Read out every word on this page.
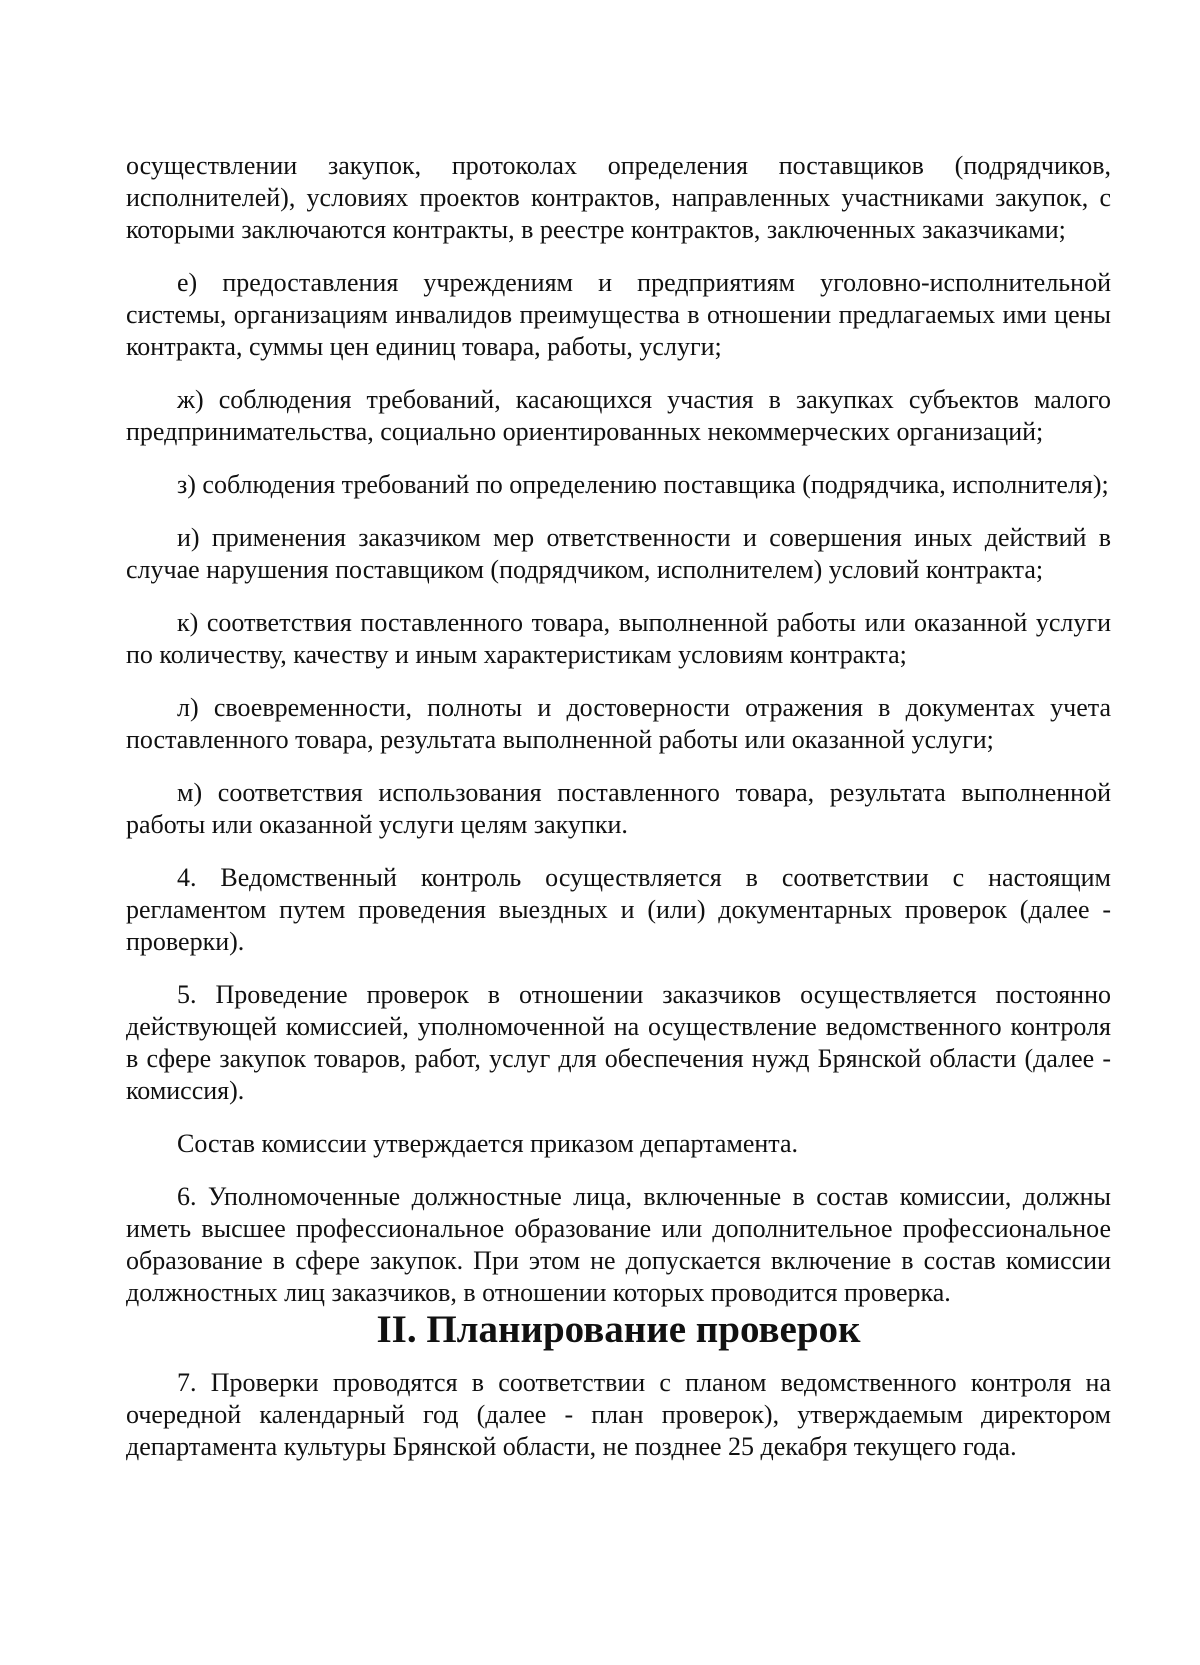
осуществлении закупок, протоколах определения поставщиков (подрядчиков, исполнителей), условиях проектов контрактов, направленных участниками закупок, с которыми заключаются контракты, в реестре контрактов, заключенных заказчиками;

е) предоставления учреждениям и предприятиям уголовно-исполнительной системы, организациям инвалидов преимущества в отношении предлагаемых ими цены контракта, суммы цен единиц товара, работы, услуги;

ж) соблюдения требований, касающихся участия в закупках субъектов малого предпринимательства, социально ориентированных некоммерческих организаций;

з) соблюдения требований по определению поставщика (подрядчика, исполнителя);

и) применения заказчиком мер ответственности и совершения иных действий в случае нарушения поставщиком (подрядчиком, исполнителем) условий контракта;

к) соответствия поставленного товара, выполненной работы или оказанной услуги по количеству, качеству и иным характеристикам условиям контракта;

л) своевременности, полноты и достоверности отражения в документах учета поставленного товара, результата выполненной работы или оказанной услуги;

м) соответствия использования поставленного товара, результата выполненной работы или оказанной услуги целям закупки.

4. Ведомственный контроль осуществляется в соответствии с настоящим регламентом путем проведения выездных и (или) документарных проверок (далее - проверки).

5. Проведение проверок в отношении заказчиков осуществляется постоянно действующей комиссией, уполномоченной на осуществление ведомственного контроля в сфере закупок товаров, работ, услуг для обеспечения нужд Брянской области (далее - комиссия).

Состав комиссии утверждается приказом департамента.

6. Уполномоченные должностные лица, включенные в состав комиссии, должны иметь высшее профессиональное образование или дополнительное профессиональное образование в сфере закупок. При этом не допускается включение в состав комиссии должностных лиц заказчиков, в отношении которых проводится проверка.

II. Планирование проверок

7. Проверки проводятся в соответствии с планом ведомственного контроля на очередной календарный год (далее - план проверок), утверждаемым директором департамента культуры Брянской области, не позднее 25 декабря текущего года.
